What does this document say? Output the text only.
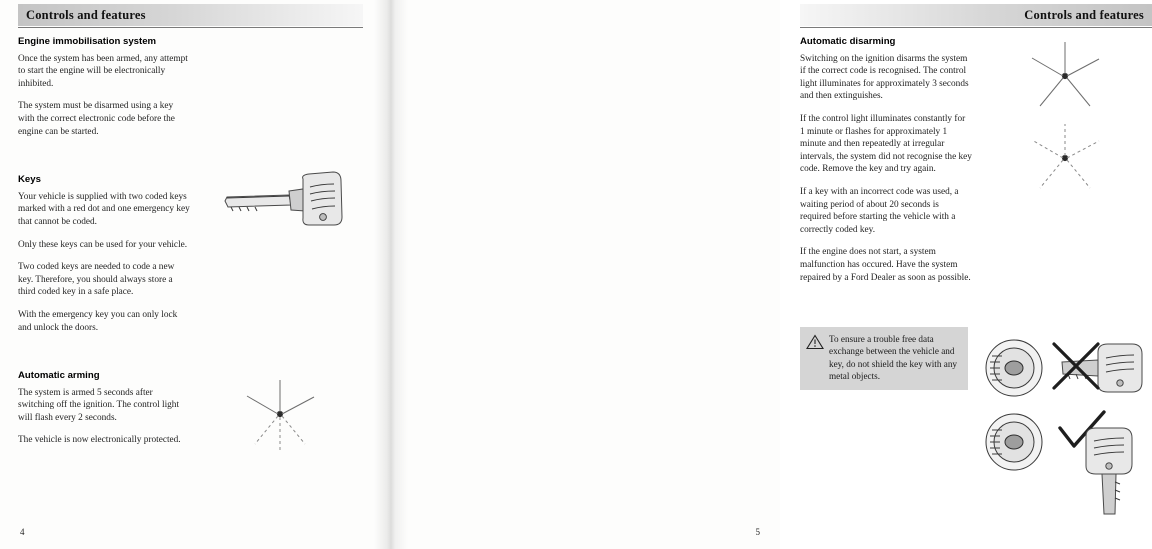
Controls and features
Engine immobilisation system

Once the system has been armed, any attempt to start the engine will be electronically inhibited.

The system must be disarmed using a key with the correct electronic code before the engine can be started.

Keys

Your vehicle is supplied with two coded keys marked with a red dot and one emergency key that cannot be coded.

Only these keys can be used for your vehicle.

Two coded keys are needed to code a new key. Therefore, you should always store a third coded key in a safe place.

With the emergency key you can only lock and unlock the doors.

Automatic arming

The system is armed 5 seconds after switching off the ignition. The control light will flash every 2 seconds.

The vehicle is now electronically protected.

4
Controls and features
Automatic disarming

Switching on the ignition disarms the system if the correct code is recognised. The control light illuminates for approximately 3 seconds and then extinguishes.

If the control light illuminates constantly for 1 minute or flashes for approximately 1 minute and then repeatedly at irregular intervals, the system did not recognise the key code. Remove the key and try again.

If a key with an incorrect code was used, a waiting period of about 20 seconds is required before starting the vehicle with a correctly coded key.

If the engine does not start, a system malfunction has occured. Have the system repaired by a Ford Dealer as soon as possible.

To ensure a trouble free data exchange between the vehicle and key, do not shield the key with any metal objects.
5
